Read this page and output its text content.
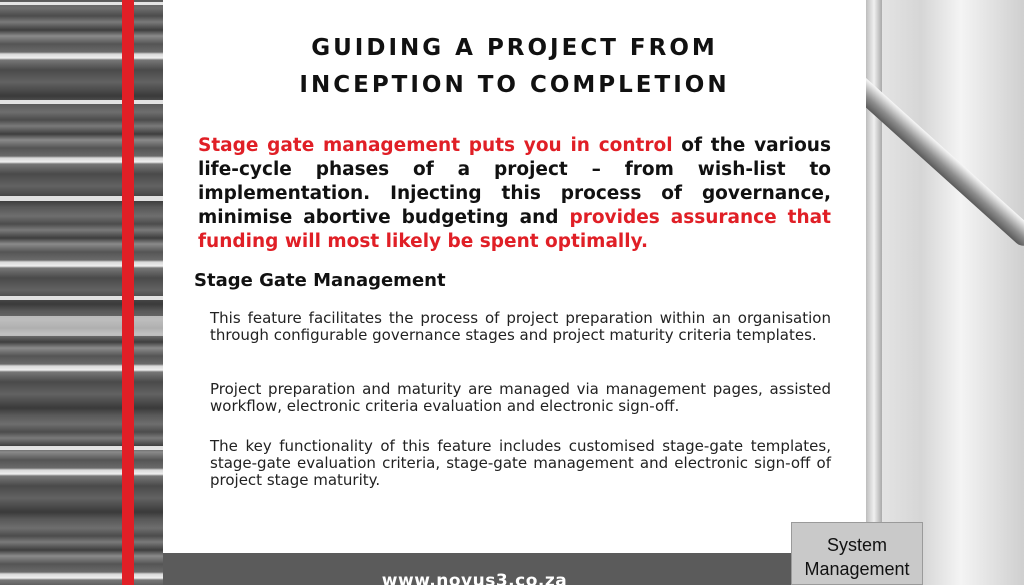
GUIDING A PROJECT FROM
INCEPTION TO COMPLETION

Stage gate management puts you in control of the various life-cycle phases of a project – from wish-list to implementation. Injecting this process of governance, minimise abortive budgeting and provides assurance that funding will most likely be spent optimally.

Stage Gate Management

This feature facilitates the process of project preparation within an organisation through configurable governance stages and project maturity criteria templates.

Project preparation and maturity are managed via management pages, assisted workflow, electronic criteria evaluation and electronic sign-off.

The key functionality of this feature includes customised stage-gate templates, stage-gate evaluation criteria, stage-gate management and electronic sign-off of project stage maturity.

www.novus3.co.za
System
Management
